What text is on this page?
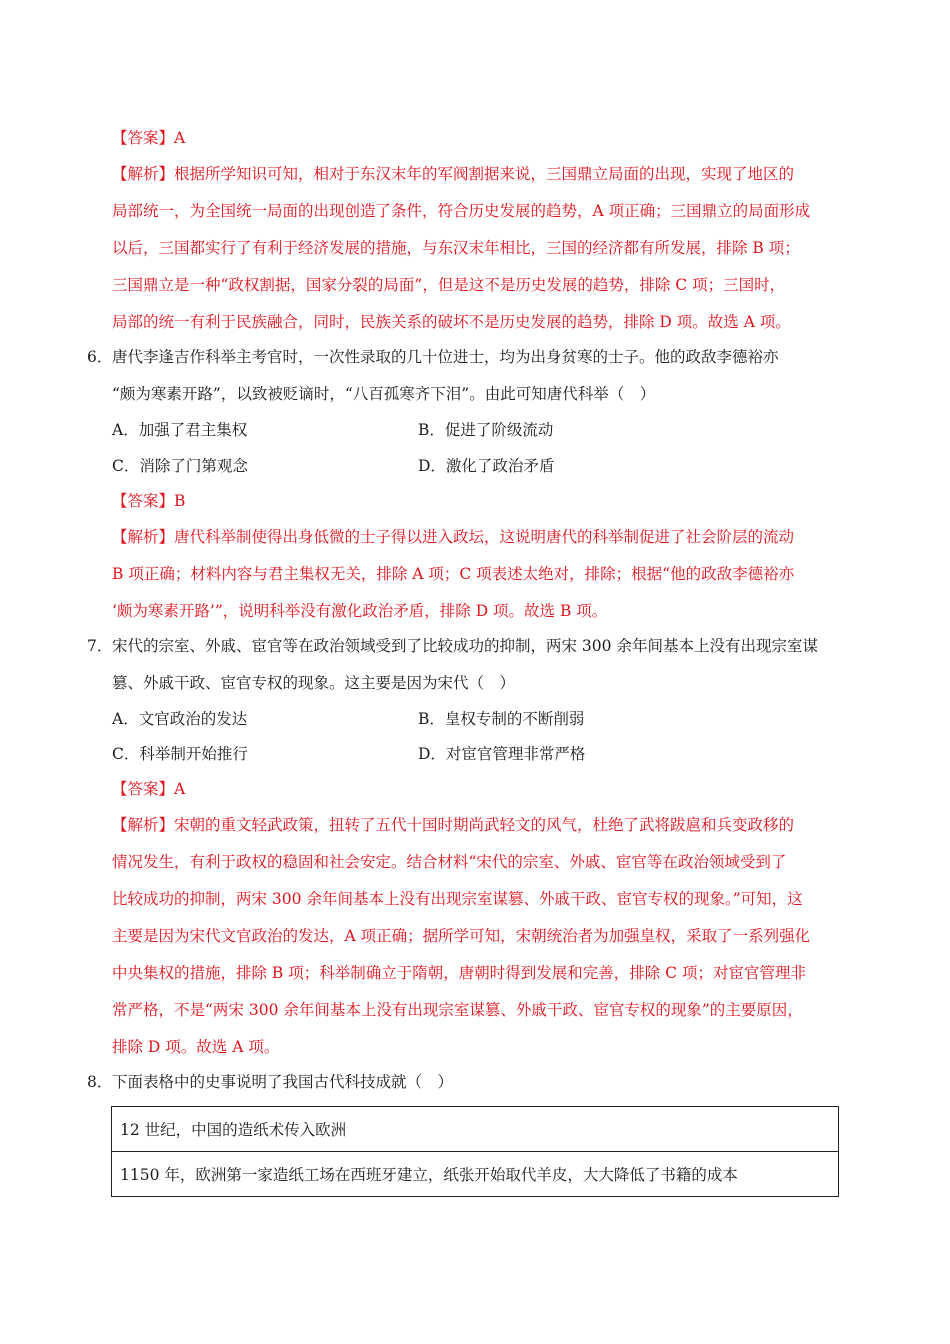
【答案】A
【解析】根据所学知识可知，相对于东汉末年的军阀割据来说，三国鼎立局面的出现，实现了地区的
局部统一，为全国统一局面的出现创造了条件，符合历史发展的趋势，A 项正确；三国鼎立的局面形成
以后，三国都实行了有利于经济发展的措施，与东汉末年相比，三国的经济都有所发展，排除 B 项；
三国鼎立是一种“政权割据，国家分裂的局面”，但是这不是历史发展的趋势，排除 C 项；三国时，
局部的统一有利于民族融合，同时，民族关系的破坏不是历史发展的趋势，排除 D 项。故选 A 项。
6． 唐代李逢吉作科举主考官时，一次性录取的几十位进士，均为出身贫寒的士子。他的政敌李德裕亦
“颇为寒素开路”，以致被贬谪时，“八百孤寒齐下泪”。由此可知唐代科举（　）
A．加强了君主集权	B．促进了阶级流动
C．消除了门第观念	D．激化了政治矛盾
【答案】B
【解析】唐代科举制使得出身低微的士子得以进入政坛，这说明唐代的科举制促进了社会阶层的流动
B 项正确；材料内容与君主集权无关，排除 A 项；C 项表述太绝对，排除；根据“他的政敌李德裕亦
‘颇为寒素开路’”，说明科举没有激化政治矛盾，排除 D 项。故选 B 项。
7． 宋代的宗室、外戚、宦官等在政治领域受到了比较成功的抑制，两宋 300 余年间基本上没有出现宗室谋
篡、外戚干政、宦官专权的现象。这主要是因为宋代（　）
A．文官政治的发达	B．皇权专制的不断削弱
C．科举制开始推行	D．对宦官管理非常严格
【答案】A
【解析】宋朝的重文轻武政策，扭转了五代十国时期尚武轻文的风气，杜绝了武将跋扈和兵变政移的
情况发生，有利于政权的稳固和社会安定。结合材料“宋代的宗室、外戚、宦官等在政治领域受到了
比较成功的抑制，两宋 300 余年间基本上没有出现宗室谋篡、外戚干政、宦官专权的现象。”可知，这
主要是因为宋代文官政治的发达，A 项正确；据所学可知，宋朝统治者为加强皇权，采取了一系列强化
中央集权的措施，排除 B 项；科举制确立于隋朝，唐朝时得到发展和完善，排除 C 项；对宦官管理非
常严格，不是“两宋 300 余年间基本上没有出现宗室谋篡、外戚干政、宦官专权的现象”的主要原因，
排除 D 项。故选 A 项。
8． 下面表格中的史事说明了我国古代科技成就（　）
12 世纪，中国的造纸术传入欧洲
1150 年，欧洲第一家造纸工场在西班牙建立，纸张开始取代羊皮，大大降低了书籍的成本
